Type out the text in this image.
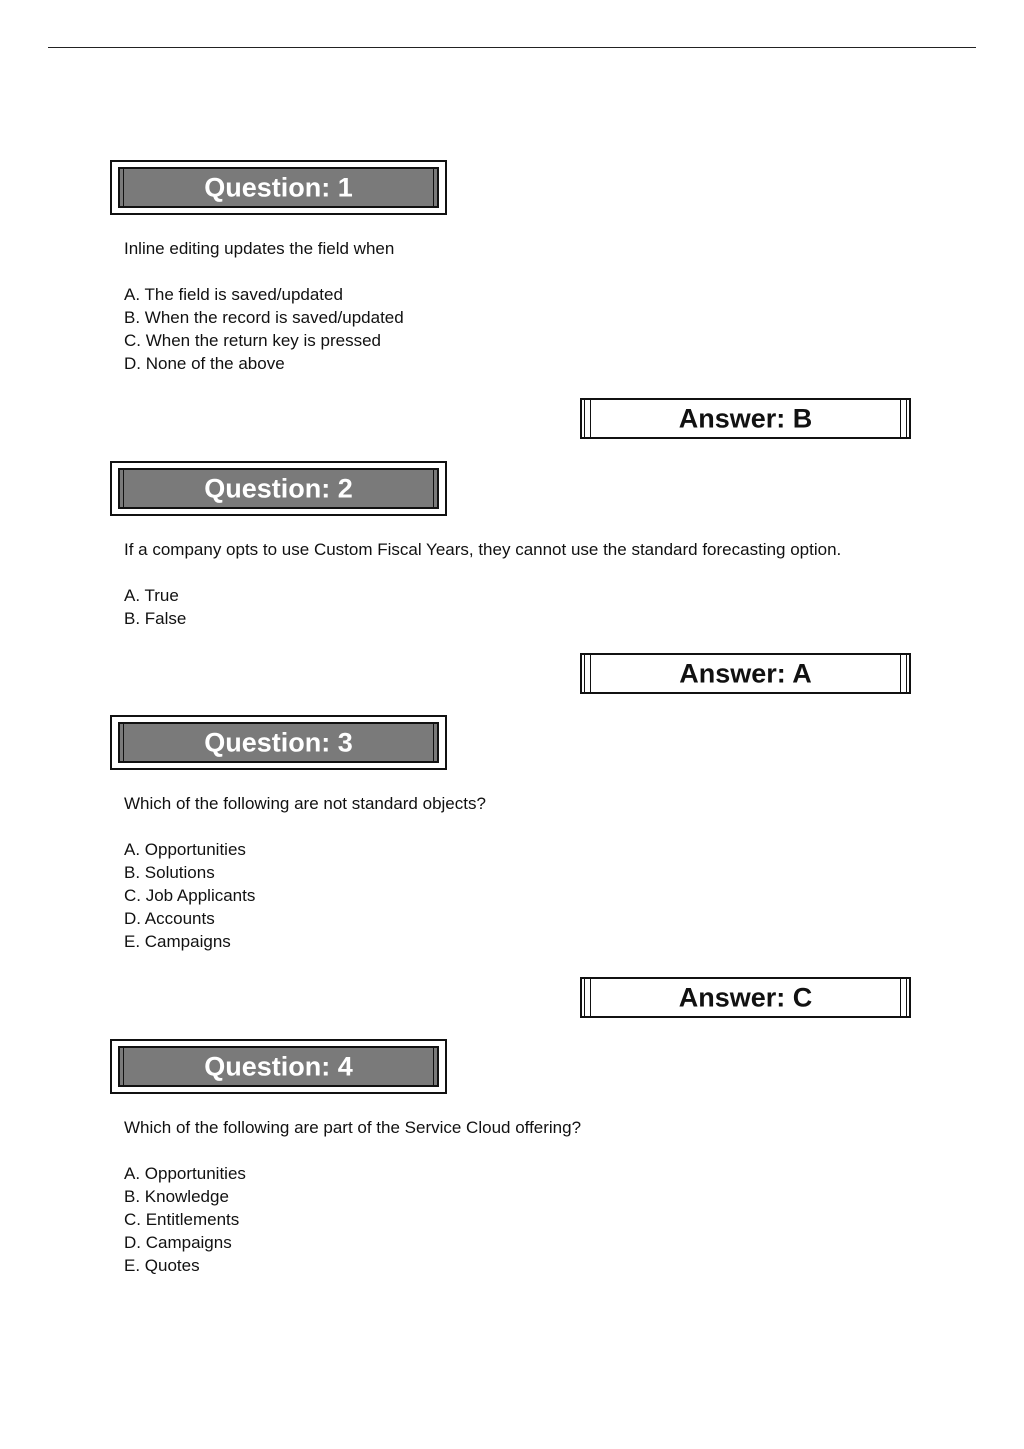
Question: 1

Inline editing updates the field when

A. The field is saved/updated
B. When the record is saved/updated
C. When the return key is pressed
D. None of the above
Answer: B
Question: 2

If a company opts to use Custom Fiscal Years, they cannot use the standard forecasting option.

A. True
B. False
Answer: A
Question: 3

Which of the following are not standard objects?

A. Opportunities
B. Solutions
C. Job Applicants
D. Accounts
E. Campaigns
Answer: C
Question: 4

Which of the following are part of the Service Cloud offering?

A. Opportunities
B. Knowledge
C. Entitlements
D. Campaigns
E. Quotes
